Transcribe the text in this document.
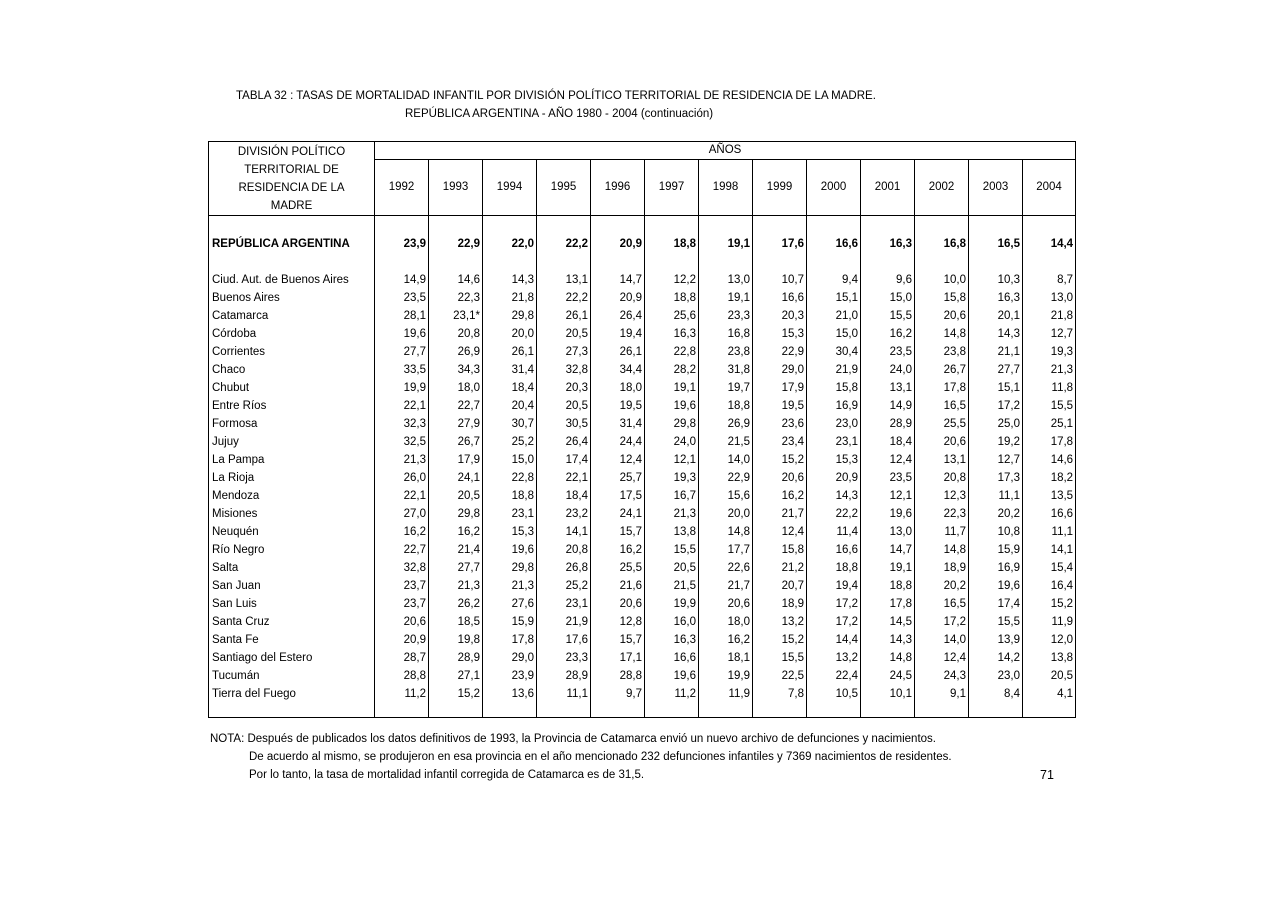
TABLA 32 : TASAS DE MORTALIDAD INFANTIL POR DIVISIÓN POLÍTICO TERRITORIAL DE RESIDENCIA DE LA MADRE.
REPÚBLICA ARGENTINA - AÑO 1980 - 2004 (continuación)
DIVISIÓN POLÍTICO
TERRITORIAL DE
RESIDENCIA DE LA
MADRE	AÑOS												
	1992	1993	1994	1995	1996	1997	1998	1999	2000	2001	2002	2003	2004
REPÚBLICA ARGENTINA	23,9	22,9	22,0	22,2	20,9	18,8	19,1	17,6	16,6	16,3	16,8	16,5	14,4
Ciud. Aut. de Buenos Aires	14,9	14,6	14,3	13,1	14,7	12,2	13,0	10,7	9,4	9,6	10,0	10,3	8,7
Buenos Aires	23,5	22,3	21,8	22,2	20,9	18,8	19,1	16,6	15,1	15,0	15,8	16,3	13,0
Catamarca	28,1	23,1*	29,8	26,1	26,4	25,6	23,3	20,3	21,0	15,5	20,6	20,1	21,8
Córdoba	19,6	20,8	20,0	20,5	19,4	16,3	16,8	15,3	15,0	16,2	14,8	14,3	12,7
Corrientes	27,7	26,9	26,1	27,3	26,1	22,8	23,8	22,9	30,4	23,5	23,8	21,1	19,3
Chaco	33,5	34,3	31,4	32,8	34,4	28,2	31,8	29,0	21,9	24,0	26,7	27,7	21,3
Chubut	19,9	18,0	18,4	20,3	18,0	19,1	19,7	17,9	15,8	13,1	17,8	15,1	11,8
Entre Ríos	22,1	22,7	20,4	20,5	19,5	19,6	18,8	19,5	16,9	14,9	16,5	17,2	15,5
Formosa	32,3	27,9	30,7	30,5	31,4	29,8	26,9	23,6	23,0	28,9	25,5	25,0	25,1
Jujuy	32,5	26,7	25,2	26,4	24,4	24,0	21,5	23,4	23,1	18,4	20,6	19,2	17,8
La Pampa	21,3	17,9	15,0	17,4	12,4	12,1	14,0	15,2	15,3	12,4	13,1	12,7	14,6
La Rioja	26,0	24,1	22,8	22,1	25,7	19,3	22,9	20,6	20,9	23,5	20,8	17,3	18,2
Mendoza	22,1	20,5	18,8	18,4	17,5	16,7	15,6	16,2	14,3	12,1	12,3	11,1	13,5
Misiones	27,0	29,8	23,1	23,2	24,1	21,3	20,0	21,7	22,2	19,6	22,3	20,2	16,6
Neuquén	16,2	16,2	15,3	14,1	15,7	13,8	14,8	12,4	11,4	13,0	11,7	10,8	11,1
Río Negro	22,7	21,4	19,6	20,8	16,2	15,5	17,7	15,8	16,6	14,7	14,8	15,9	14,1
Salta	32,8	27,7	29,8	26,8	25,5	20,5	22,6	21,2	18,8	19,1	18,9	16,9	15,4
San Juan	23,7	21,3	21,3	25,2	21,6	21,5	21,7	20,7	19,4	18,8	20,2	19,6	16,4
San Luis	23,7	26,2	27,6	23,1	20,6	19,9	20,6	18,9	17,2	17,8	16,5	17,4	15,2
Santa Cruz	20,6	18,5	15,9	21,9	12,8	16,0	18,0	13,2	17,2	14,5	17,2	15,5	11,9
Santa Fe	20,9	19,8	17,8	17,6	15,7	16,3	16,2	15,2	14,4	14,3	14,0	13,9	12,0
Santiago del Estero	28,7	28,9	29,0	23,3	17,1	16,6	18,1	15,5	13,2	14,8	12,4	14,2	13,8
Tucumán	28,8	27,1	23,9	28,9	28,8	19,6	19,9	22,5	22,4	24,5	24,3	23,0	20,5
Tierra del Fuego	11,2	15,2	13,6	11,1	9,7	11,2	11,9	7,8	10,5	10,1	9,1	8,4	4,1

NOTA: Después de publicados los datos definitivos de 1993, la Provincia de Catamarca envió un nuevo archivo de defunciones y nacimientos.
De acuerdo al mismo, se produjeron en esa provincia en el año mencionado 232 defunciones infantiles y 7369 nacimientos de residentes.
Por lo tanto, la tasa de mortalidad infantil corregida de Catamarca es de 31,5.	71
